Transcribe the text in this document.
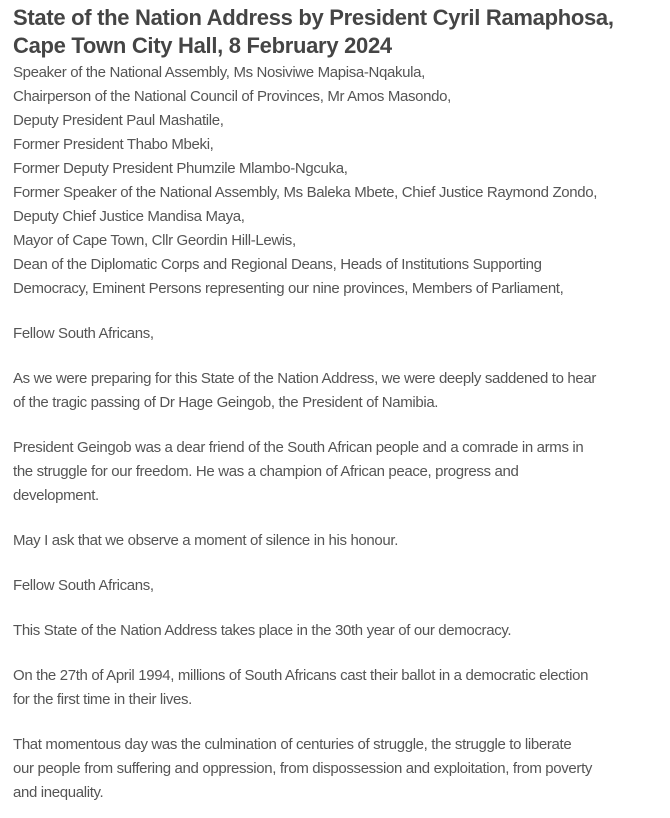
State of the Nation Address by President Cyril Ramaphosa,
Cape Town City Hall, 8 February 2024
Speaker of the National Assembly, Ms Nosiviwe Mapisa-Nqakula,
Chairperson of the National Council of Provinces, Mr Amos Masondo,
Deputy President Paul Mashatile,
Former President Thabo Mbeki,
Former Deputy President Phumzile Mlambo-Ngcuka,
Former Speaker of the National Assembly, Ms Baleka Mbete, Chief Justice Raymond Zondo,
Deputy Chief Justice Mandisa Maya,
Mayor of Cape Town, Cllr Geordin Hill-Lewis,
Dean of the Diplomatic Corps and Regional Deans, Heads of Institutions Supporting
Democracy, Eminent Persons representing our nine provinces, Members of Parliament,
Fellow South Africans,
As we were preparing for this State of the Nation Address, we were deeply saddened to hear
of the tragic passing of Dr Hage Geingob, the President of Namibia.
President Geingob was a dear friend of the South African people and a comrade in arms in
the struggle for our freedom. He was a champion of African peace, progress and
development.
May I ask that we observe a moment of silence in his honour.
Fellow South Africans,
This State of the Nation Address takes place in the 30th year of our democracy.
On the 27th of April 1994, millions of South Africans cast their ballot in a democratic election
for the first time in their lives.
That momentous day was the culmination of centuries of struggle, the struggle to liberate
our people from suffering and oppression, from dispossession and exploitation, from poverty
and inequality.
